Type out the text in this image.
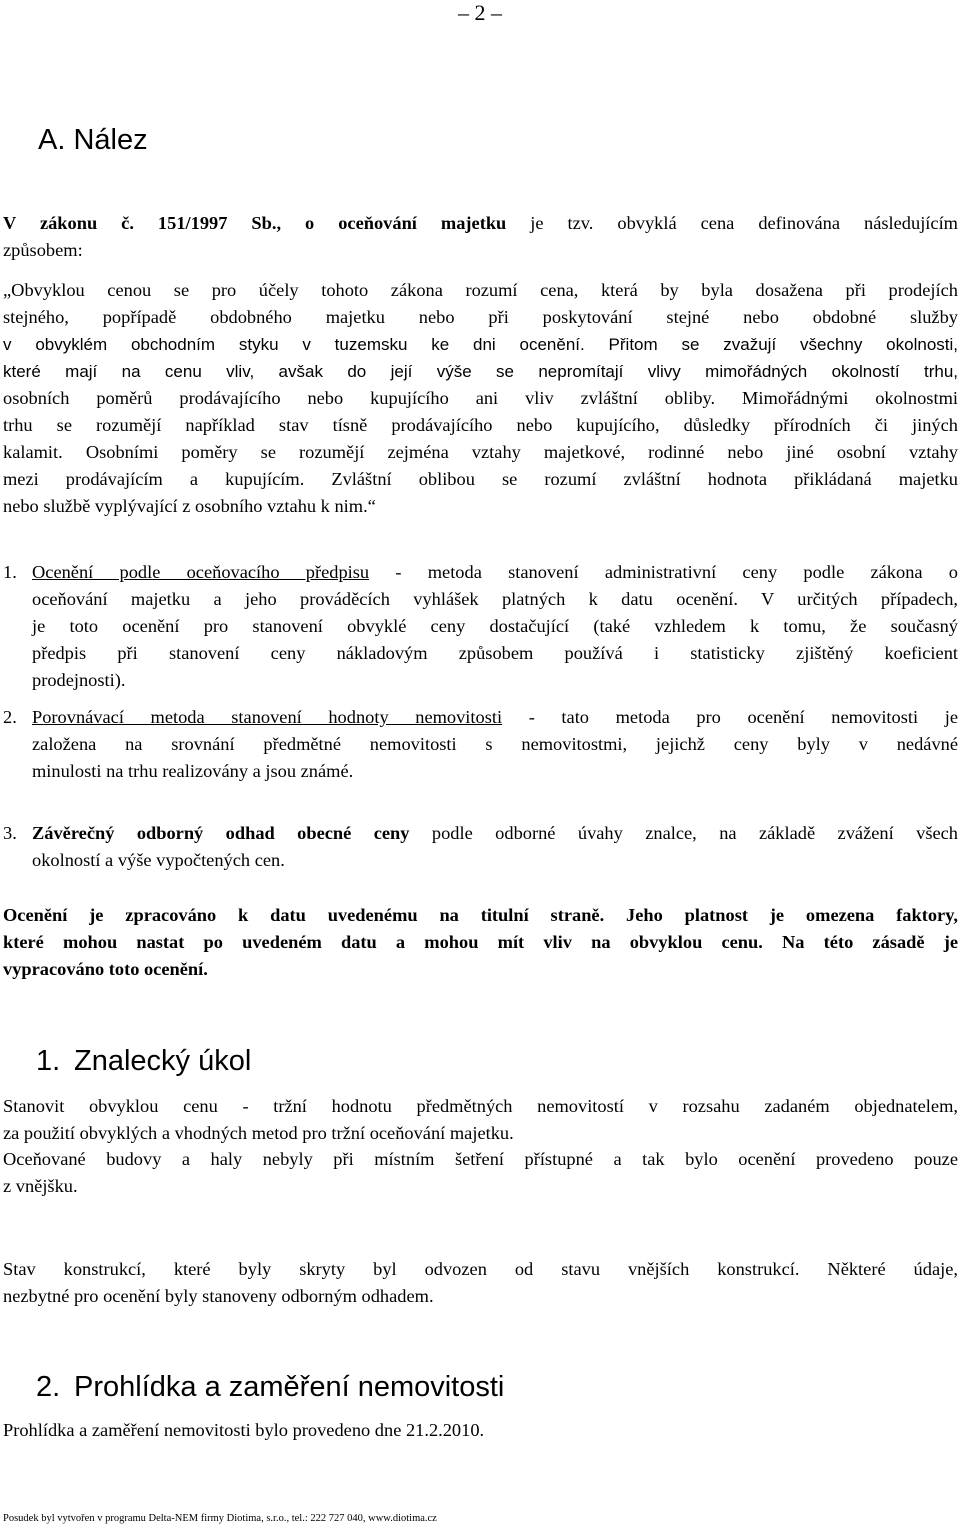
– 2 –
A. Nález

V zákonu č. 151/1997 Sb., o oceňování majetku je tzv. obvyklá cena definována následujícím
způsobem:

„Obvyklou cenou se pro účely tohoto zákona rozumí cena, která by byla dosažena při prodejích
stejného, popřípadě obdobného majetku nebo při poskytování stejné nebo obdobné služby
v obvyklém obchodním styku v tuzemsku ke dni ocenění. Přitom se zvažují všechny okolnosti,
které mají na cenu vliv, avšak do její výše se nepromítají vlivy mimořádných okolností trhu,
osobních poměrů prodávajícího nebo kupujícího ani vliv zvláštní obliby. Mimořádnými okolnostmi
trhu se rozumějí například stav tísně prodávajícího nebo kupujícího, důsledky přírodních či jiných
kalamit. Osobními poměry se rozumějí zejména vztahy majetkové, rodinné nebo jiné osobní vztahy
mezi prodávajícím a kupujícím. Zvláštní oblibou se rozumí zvláštní hodnota přikládaná majetku
nebo službě vyplývající z osobního vztahu k nim.“

1. Ocenění podle oceňovacího předpisu - metoda stanovení administrativní ceny podle zákona o
oceňování majetku a jeho prováděcích vyhlášek platných k datu ocenění. V určitých případech,
je toto ocenění pro stanovení obvyklé ceny dostačující (také vzhledem k tomu, že současný
předpis při stanovení ceny nákladovým způsobem používá i statisticky zjištěný koeficient
prodejnosti).
2. Porovnávací metoda stanovení hodnoty nemovitosti - tato metoda pro ocenění nemovitosti je
založena na srovnání předmětné nemovitosti s nemovitostmi, jejichž ceny byly v nedávné
minulosti na trhu realizovány a jsou známé.
3. Závěrečný odborný odhad obecné ceny podle odborné úvahy znalce, na základě zvážení všech
okolností a výše vypočtených cen.

Ocenění je zpracováno k datu uvedenému na titulní straně. Jeho platnost je omezena faktory,
které mohou nastat po uvedeném datu a mohou mít vliv na obvyklou cenu. Na této zásadě je
vypracováno toto ocenění.

1. Znalecký úkol

Stanovit obvyklou cenu - tržní hodnotu předmětných nemovitostí v rozsahu zadaném objednatelem,
za použití obvyklých a vhodných metod pro tržní oceňování majetku.

Oceňované budovy a haly nebyly při místním šetření přístupné a tak bylo ocenění provedeno pouze
z vnějšku.

Stav konstrukcí, které byly skryty byl odvozen od stavu vnějších konstrukcí. Některé údaje,
nezbytné pro ocenění byly stanoveny odborným odhadem.

2. Prohlídka a zaměření nemovitosti

Prohlídka a zaměření nemovitosti bylo provedeno dne 21.2.2010.

Posudek byl vytvořen v programu Delta-NEM firmy Diotima, s.r.o., tel.: 222 727 040, www.diotima.cz
